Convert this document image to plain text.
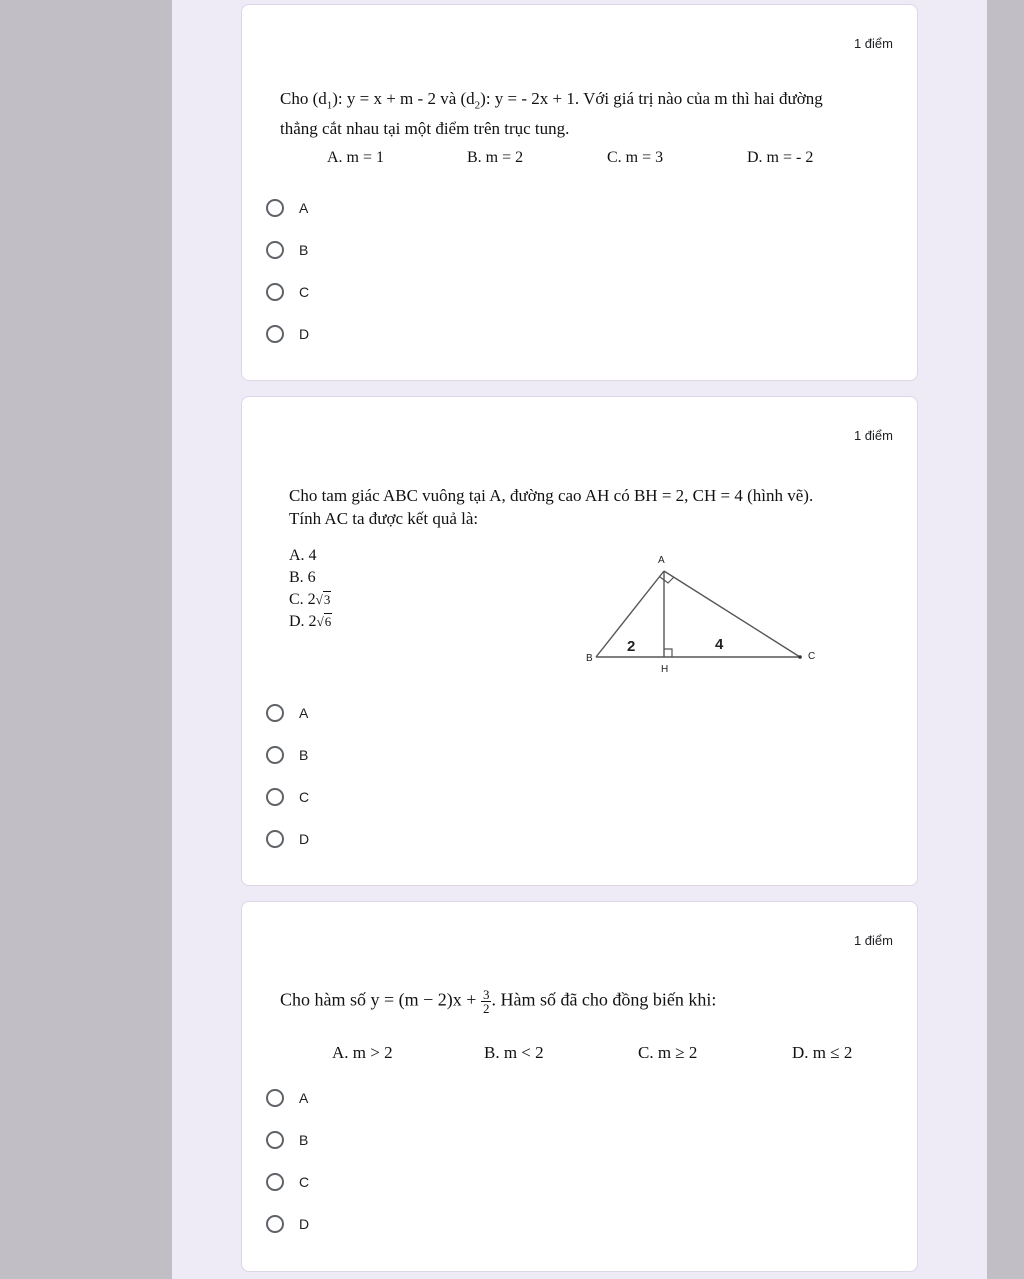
1 điểm
Cho $(d_1)$: y = x + m - 2 và $(d_2)$: y = - 2x + 1. Với giá trị nào của m thì hai đường
thẳng cắt nhau tại một điểm trên trục tung.
A. m = 1	B. m = 2	C. m = 3	D. m = - 2
A
B
C
D
1 điểm
Cho tam giác ABC vuông tại A, đường cao AH có BH = 2, CH = 4 (hình vẽ).
Tính AC ta được kết quả là:
A. 4
B. 6
C. 2√3
D. 2√6
A
B	C
H
2	4
A
B
C
D
1 điểm
Cho hàm số $y = (m - 2)x + \frac{3}{2}$ . Hàm số đã cho đồng biến khi:
A. m > 2	B. m < 2	C. m ≥ 2	D. m ≤ 2
A
B
C
D
